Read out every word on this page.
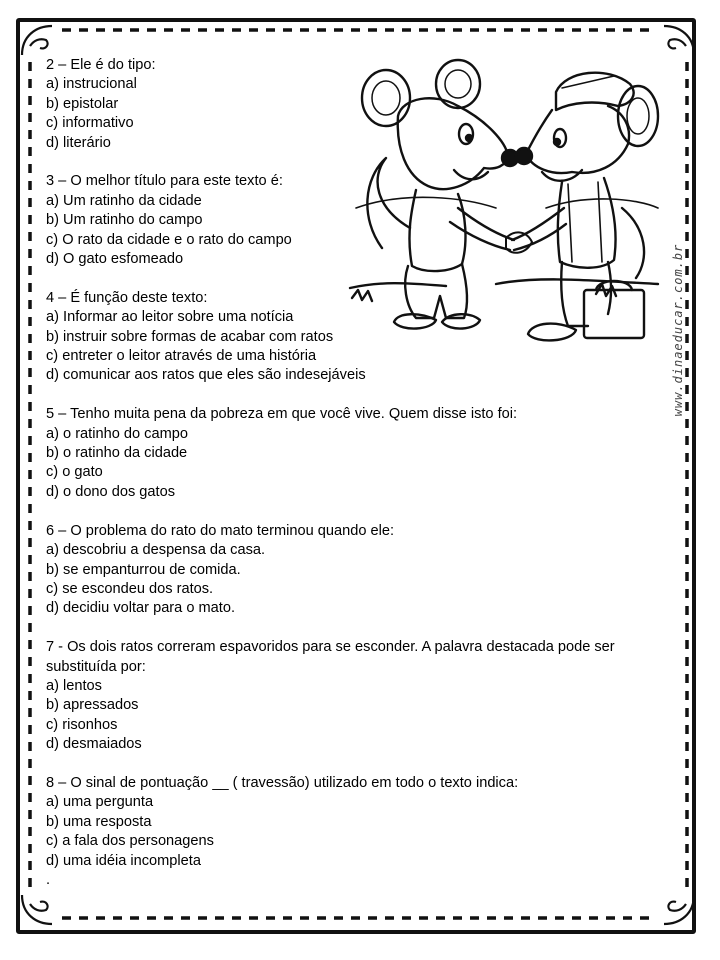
www.dinaeducar.com.br
2 – Ele é do tipo:
a) instrucional
b) epistolar
c) informativo
d) literário
3 – O melhor título para este texto é:
a) Um ratinho da cidade
b) Um ratinho do campo
c) O rato da cidade e o rato do campo
d) O gato esfomeado
4 – É função deste texto:
a) Informar ao leitor sobre uma notícia
b) instruir sobre formas de acabar com ratos
c) entreter o leitor através de uma história
d) comunicar aos ratos que eles são indesejáveis
5 – Tenho muita pena da pobreza em que você vive. Quem disse isto foi:
a) o ratinho do campo
b) o ratinho da cidade
c) o gato
d) o dono dos gatos
6 – O problema do rato do mato terminou quando ele:
a) descobriu a despensa da casa.
b) se empanturrou de comida.
c) se escondeu dos ratos.
d) decidiu voltar para o mato.
7 - Os dois ratos correram espavoridos para se esconder. A palavra destacada pode ser substituída por:
a) lentos
b) apressados
c) risonhos
d) desmaiados
8 – O sinal de pontuação __ ( travessão) utilizado em todo o texto indica:
a) uma pergunta
b) uma resposta
c) a fala dos personagens
d) uma idéia incompleta
.
